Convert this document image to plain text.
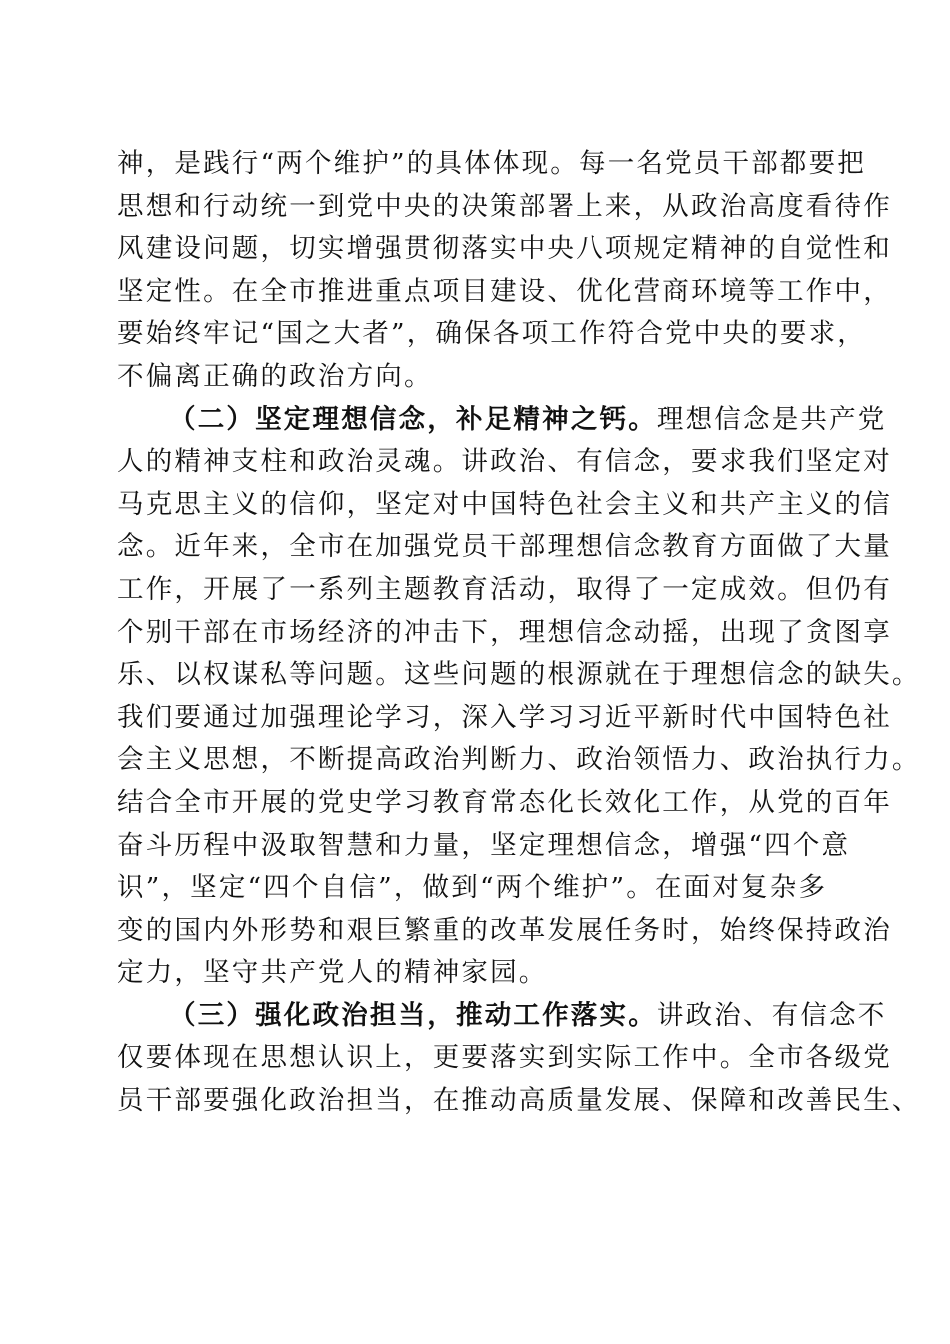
神，是践行“两个维护”的具体体现。每一名党员干部都要把
思想和行动统一到党中央的决策部署上来，从政治高度看待作
风建设问题，切实增强贯彻落实中央八项规定精神的自觉性和
坚定性。在全市推进重点项目建设、优化营商环境等工作中，
要始终牢记“国之大者”，确保各项工作符合党中央的要求，
不偏离正确的政治方向。
（二）坚定理想信念，补足精神之钙。理想信念是共产党
人的精神支柱和政治灵魂。讲政治、有信念，要求我们坚定对
马克思主义的信仰，坚定对中国特色社会主义和共产主义的信
念。近年来，全市在加强党员干部理想信念教育方面做了大量
工作，开展了一系列主题教育活动，取得了一定成效。但仍有
个别干部在市场经济的冲击下，理想信念动摇，出现了贪图享
乐、以权谋私等问题。这些问题的根源就在于理想信念的缺失。
我们要通过加强理论学习，深入学习习近平新时代中国特色社
会主义思想，不断提高政治判断力、政治领悟力、政治执行力。
结合全市开展的党史学习教育常态化长效化工作，从党的百年
奋斗历程中汲取智慧和力量，坚定理想信念，增强“四个意
识”，坚定“四个自信”，做到“两个维护”。在面对复杂多
变的国内外形势和艰巨繁重的改革发展任务时，始终保持政治
定力，坚守共产党人的精神家园。
（三）强化政治担当，推动工作落实。讲政治、有信念不
仅要体现在思想认识上，更要落实到实际工作中。全市各级党
员干部要强化政治担当，在推动高质量发展、保障和改善民生、
